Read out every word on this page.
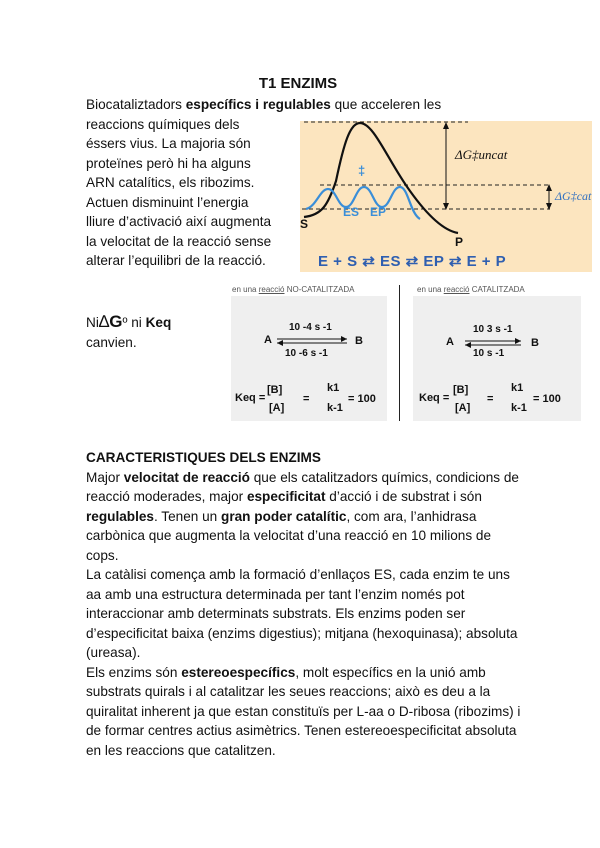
T1 ENZIMS
Biocataliztadors específics i regulables que acceleren les
reaccions químiques dels
éssers vius. La majoria són
proteïnes però hi ha alguns
ARN catalítics, els ribozims.
Actuen disminuint l’energia
lliure d’activació així augmenta
la velocitat de la reacció sense
alterar l’equilibri de la reacció.
ΔG‡uncat
ΔG‡cat
‡
ES EP
S
P
E + S ⇄ ES ⇄ EP ⇄ E + P
Ni∆Gº ni Keq
canvien.
en una reacció NO-CATALITZADA	en una reacció CATALITZADA
A
10 -4 s -1
10 -6 s -1
B
Keq =
[B]
[A]
=
k1
k-1
= 100
A
10 3 s -1
10 s -1
B
Keq =
[B]
[A]
=
k1
k-1
= 100
CARACTERISTIQUES DELS ENZIMS
Major velocitat de reacció que els catalitzadors químics, condicions de reacció moderades, major especificitat d’acció i de substrat i són regulables. Tenen un gran poder catalític, com ara, l’anhidrasa carbònica que augmenta la velocitat d’una reacció en 10 milions de cops.
La catàlisi comença amb la formació d’enllaços ES, cada enzim te uns aa amb una estructura determinada per tant l’enzim només pot interaccionar amb determinats substrats. Els enzims poden ser d’especificitat baixa (enzims digestius); mitjana (hexoquinasa); absoluta (ureasa).
Els enzims són estereoespecífics, molt específics en la unió amb substrats quirals i al catalitzar les seues reaccions; això es deu a la quiralitat inherent ja que estan constituïs per L-aa o D-ribosa (ribozims) i de formar centres actius asimètrics. Tenen estereoespecificitat absoluta en les reaccions que catalitzen.
